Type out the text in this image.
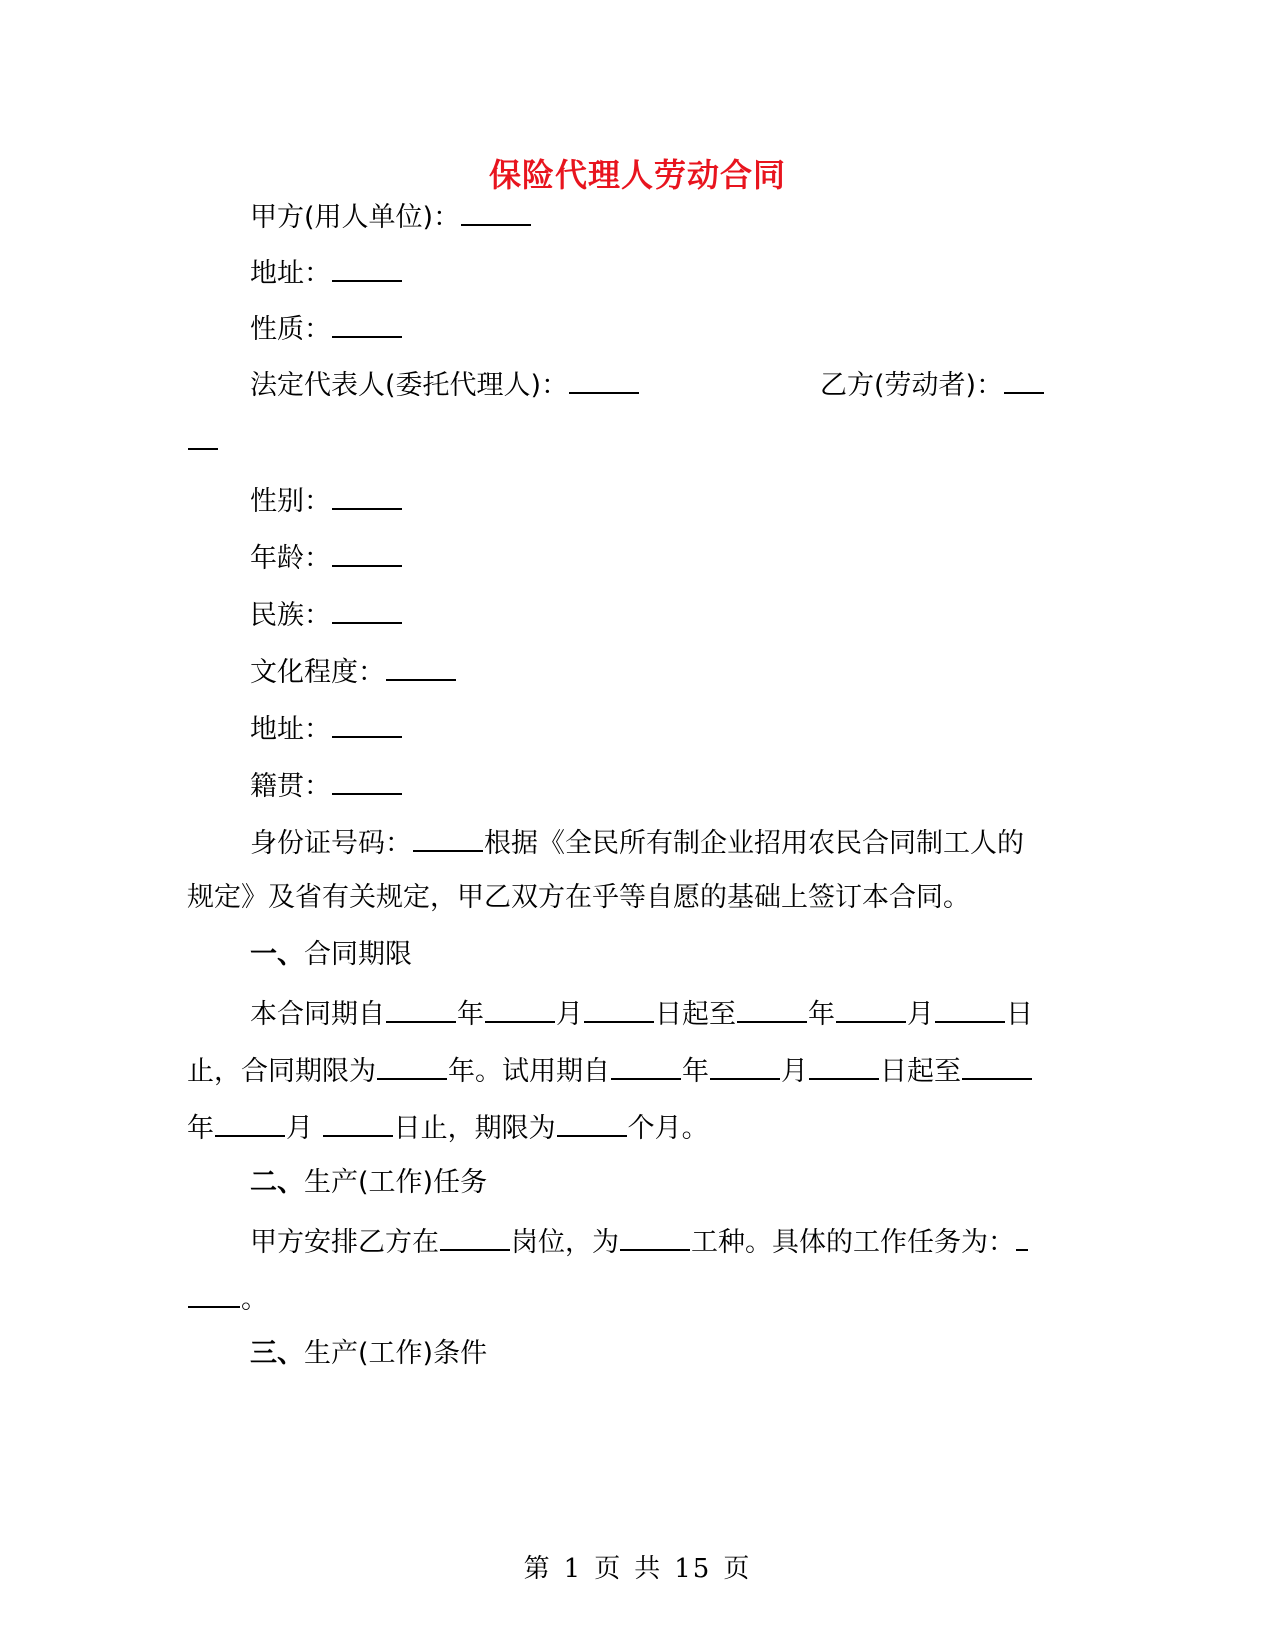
保险代理人劳动合同
甲方(用人单位)：
地址：
性质：
法定代表人(委托代理人)：	乙方(劳动者)：
性别：
年龄：
民族：
文化程度：
地址：
籍贯：
身份证号码：	根据《全民所有制企业招用农民合同制工人的
规定》及省有关规定，甲乙双方在乎等自愿的基础上签订本合同。
一、合同期限
本合同期自	年	月	日起至	年	月	日
止，合同期限为	年。试用期自	年	月	日起至
年	月	日止，期限为	个月。
二、生产(工作)任务
甲方安排乙方在	岗位，为	工种。具体的工作任务为：
。
三、生产(工作)条件
第 1 页 共 15 页
